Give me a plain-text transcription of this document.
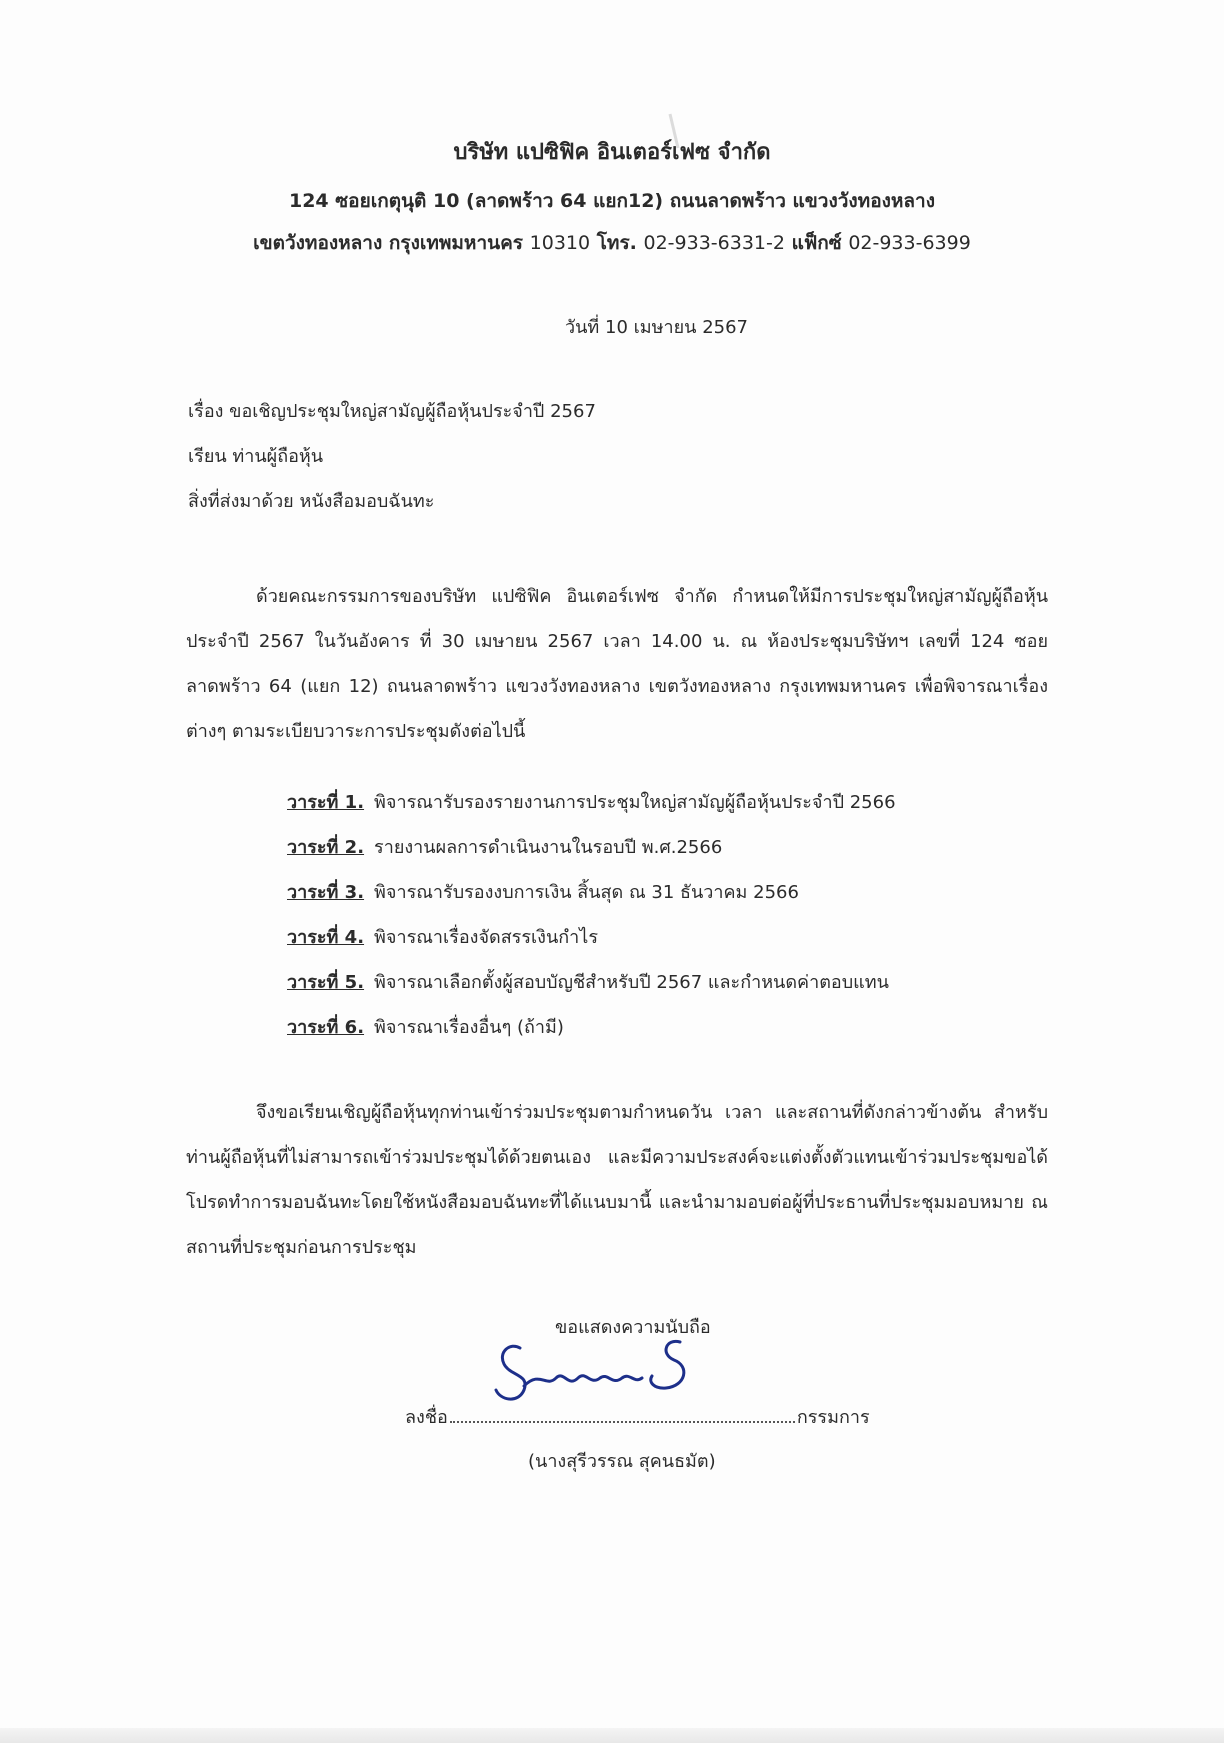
บริษัท แปซิฟิค อินเตอร์เฟซ จำกัด
124 ซอยเกตุนุติ 10 (ลาดพร้าว 64 แยก12) ถนนลาดพร้าว แขวงวังทองหลาง
เขตวังทองหลาง กรุงเทพมหานคร 10310 โทร. 02-933-6331-2 แฟ็กซ์ 02-933-6399
วันที่ 10 เมษายน 2567
เรื่อง ขอเชิญประชุมใหญ่สามัญผู้ถือหุ้นประจำปี 2567
เรียน ท่านผู้ถือหุ้น
สิ่งที่ส่งมาด้วย หนังสือมอบฉันทะ
ด้วยคณะกรรมการของบริษัท แปซิฟิค อินเตอร์เฟซ จำกัด กำหนดให้มีการประชุมใหญ่สามัญผู้ถือหุ้น ประจำปี 2567 ในวันอังคาร ที่ 30 เมษายน 2567 เวลา 14.00 น. ณ ห้องประชุมบริษัทฯ เลขที่ 124 ซอยลาดพร้าว 64 (แยก 12) ถนนลาดพร้าว แขวงวังทองหลาง เขตวังทองหลาง กรุงเทพมหานคร เพื่อพิจารณาเรื่องต่างๆ ตามระเบียบวาระการประชุมดังต่อไปนี้
วาระที่ 1. พิจารณารับรองรายงานการประชุมใหญ่สามัญผู้ถือหุ้นประจำปี 2566
วาระที่ 2. รายงานผลการดำเนินงานในรอบปี พ.ศ.2566
วาระที่ 3. พิจารณารับรองงบการเงิน สิ้นสุด ณ 31 ธันวาคม 2566
วาระที่ 4. พิจารณาเรื่องจัดสรรเงินกำไร
วาระที่ 5. พิจารณาเลือกตั้งผู้สอบบัญชีสำหรับปี 2567 และกำหนดค่าตอบแทน
วาระที่ 6. พิจารณาเรื่องอื่นๆ (ถ้ามี)
จึงขอเรียนเชิญผู้ถือหุ้นทุกท่านเข้าร่วมประชุมตามกำหนดวัน เวลา และสถานที่ดังกล่าวข้างต้น สำหรับท่านผู้ถือหุ้นที่ไม่สามารถเข้าร่วมประชุมได้ด้วยตนเอง และมีความประสงค์จะแต่งตั้งตัวแทนเข้าร่วมประชุมขอได้โปรดทำการมอบฉันทะโดยใช้หนังสือมอบฉันทะที่ได้แนบมานี้ และนำมามอบต่อผู้ที่ประธานที่ประชุมมอบหมาย ณ สถานที่ประชุมก่อนการประชุม
ขอแสดงความนับถือ
ลงชื่อ	กรรมการ
(นางสุรีวรรณ สุคนธมัต)
